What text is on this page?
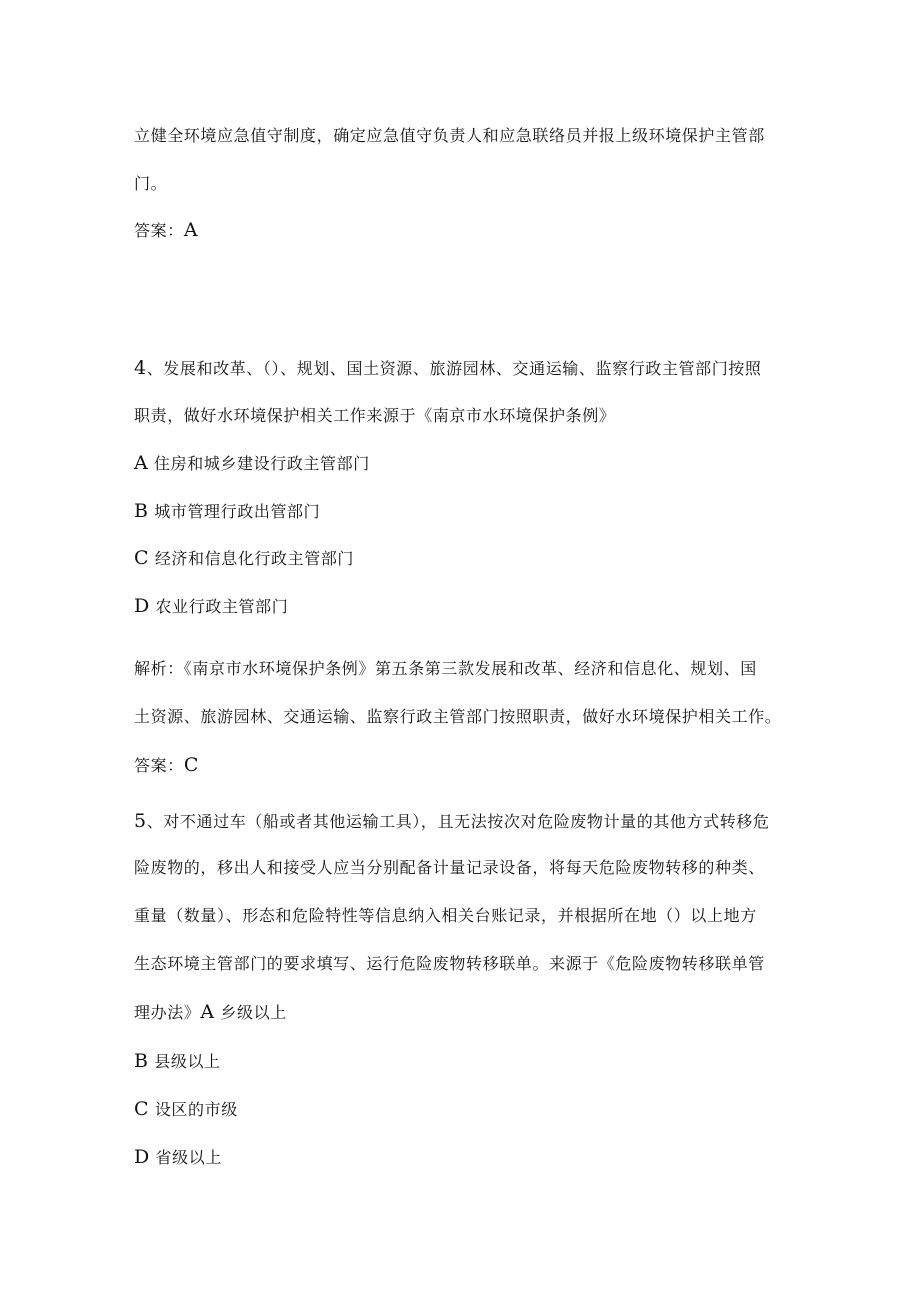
立健全环境应急值守制度，确定应急值守负责人和应急联络员并报上级环境保护主管部
门。
答案：A
4、发展和改革、（）、规划、国土资源、旅游园林、交通运输、监察行政主管部门按照
职责，做好水环境保护相关工作来源于《南京市水环境保护条例》
A 住房和城乡建设行政主管部门
B 城市管理行政出管部门
C 经济和信息化行政主管部门
D 农业行政主管部门
解析：《南京市水环境保护条例》第五条第三款发展和改革、经济和信息化、规划、国
土资源、旅游园林、交通运输、监察行政主管部门按照职责，做好水环境保护相关工作。
答案：C
5、对不通过车（船或者其他运输工具），且无法按次对危险废物计量的其他方式转移危
险废物的，移出人和接受人应当分别配备计量记录设备，将每天危险废物转移的种类、
重量（数量）、形态和危险特性等信息纳入相关台账记录，并根据所在地（）以上地方
生态环境主管部门的要求填写、运行危险废物转移联单。来源于《危险废物转移联单管
理办法》A 乡级以上
B 县级以上
C 设区的市级
D 省级以上
